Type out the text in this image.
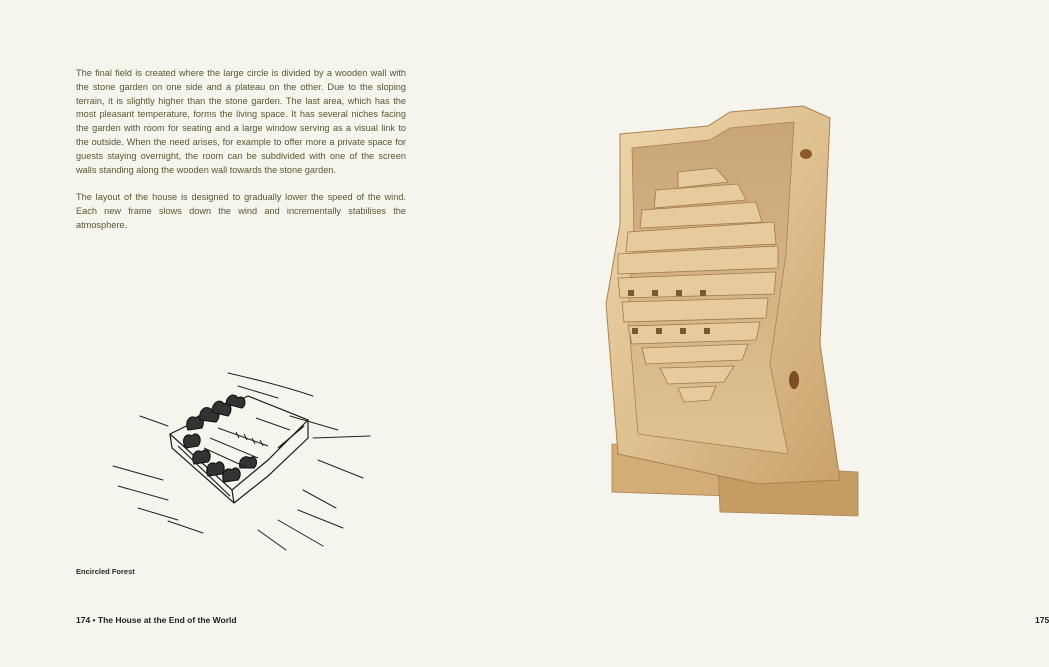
The final field is created where the large circle is divided by a wooden wall with the stone garden on one side and a plateau on the other. Due to the sloping terrain, it is slightly higher than the stone garden. The last area, which has the most pleasant temperature, forms the living space. It has several niches facing the garden with room for seating and a large window serving as a visual link to the outside. When the need arises, for example to offer more a private space for guests staying overnight, the room can be subdivided with one of the screen walls standing along the wooden wall towards the stone garden.

The layout of the house is designed to gradually lower the speed of the wind. Each new frame slows down the wind and incrementally stabilises the atmosphere.

Encircled Forest
174 • The House at the End of the World	175
